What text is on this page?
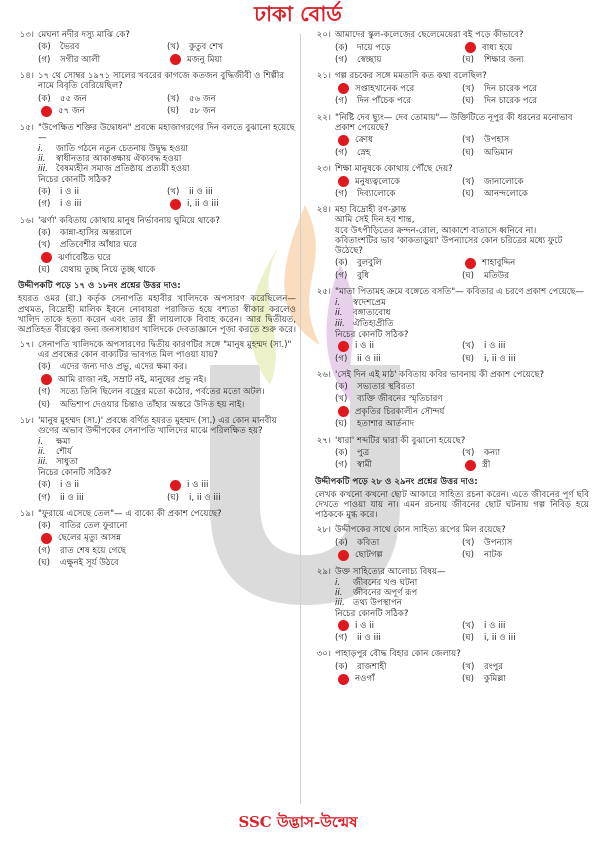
ঢাকা বোর্ড
১৩। মেঘনা নদীর দস্যু মাঝি কে?
(ক)	ভৈরব	(খ)	কুতুব শেখ
(গ)	সগীর আলী	মজনু মিয়া
১৪। ১৭ থে সোম্বর ১৯৭১ সালের খবরের কাগজে কতজন বুদ্ধিজীবী ও শিল্পীর নামে বিবৃতি বেরিয়েছিল?
(ক)	৫৫ জন	(খ)	৫৬ জন
৫৭ জন	(ঘ)	৫৮ জন
১৫। "উপেক্ষিত শক্তির উদ্বোধন" প্রবন্ধে মহাজাগরণের দিন বলতে বুঝানো হয়েছে—
i.	জাতি গঠনে নতুন চেতনায় উদ্বুদ্ধ হওয়া
ii.	স্বাধীনতার আকাঙ্ক্ষায় ঐক্যবদ্ধ হওয়া
iii. বৈষম্যহীন সমাজ প্রতিষ্ঠায় প্রত্যয়ী হওয়া
নিচের কোনটি সঠিক?
(ক)	i ও ii	(খ)	ii ও iii
(গ)	i ও iii	i, ii ও iii
১৬। 'ঝর্ণা' কবিতায় কোথায় মানুষ নির্ভাবনায় ঘুমিয়ে থাকে?
(ক)	কান্না-হাসির অন্তরালে
(খ)	প্রতিবেশীর আঁধার ঘরে
ঝর্ণাবেষ্টিত ঘরে
(ঘ)	যেথায় তুচ্ছ নিয়ে তুচ্ছ থাকে
উদ্দীপকটি পড়ে ১৭ ও ১৮নং প্রশ্নের উত্তর দাও:
হযরত ওমর (রা.) কর্তৃক সেনাপতি মহাবীর খালিদকে অপসারণ করেছিলেন— প্রথমত, বিদ্রোহী মালিক ইবনে নোবায়রা পরাজিত হয়ে বশ্যতা স্বীকার করলেও খালিদ তাকে হত্যা করেন এবং তার স্ত্রী লায়লাকে বিবাহ করেন। আর দ্বিতীয়ত, অপ্রতিহত বীরত্বের জন্য জনসাধারণ খালিদকে দেবতাজ্ঞানে পূজা করতে শুরু করে।
১৭। সেনাপতি খালিদকে অপসারণের দ্বিতীয় কারণটির সঙ্গে "মানুষ মুহম্মদ (সা.)" এর প্রবন্ধের কোন বাক্যটির ভাবগত মিল পাওয়া যায়?
(ক)	এদের জন্য দাও প্রভু, এদের ক্ষমা কর।
আমি রাজা নই, সম্রাট নই, মানুষের প্রভু নই।
(গ)	সত্যে তিনি ছিলেন বজ্রের মতো কঠোর, পর্বতের মতো অটল।
(ঘ)	অভিশাপ দেওয়ার চিন্তাও তাঁহার অন্তরে উদিত হয় নাই।
১৮। 'মানুষ মুহম্মদ (সা.)' প্রবন্ধে বর্ণিত হযরত মুহম্মদ (সা.) এর কোন মানবীয় গুণের অভাব উদ্দীপকের সেনাপতি খালিদের মাঝে পরিলক্ষিত হয়?
i.	ক্ষমা
ii.	শৌর্য
iii. সাধুতা
নিচের কোনটি সঠিক?
(ক)	i ও ii	i ও iii
(গ)	ii ও iii	(ঘ)	i, ii ও iii
১৯। "ফুরায়ে এসেছে তেল"— এ বাক্যে কী প্রকাশ পেয়েছে?
(ক)	বাতির তেল ফুরানো
ছেলের মৃত্যু আসন্ন
(গ)	রাত শেষ হয়ে গেছে
(ঘ)	এক্ষুনই সূর্য উঠবে
২০। আমাদের স্কুল-কলেজের ছেলেমেয়েরা বই পড়ে কীভাবে?
(ক)	দায়ে পড়ে	বাধ্য হয়ে
(গ)	স্বেচ্ছায়	(ঘ)	শিক্ষার জন্য
২১। গল্প রচকের সঙ্গে মমতাদি কত কথা বলেছিল?
সপ্তাহখানেক পরে	(খ)	দিন চারেক পরে
(গ)	দিন পাঁচেক পরে	(ঘ)	দিন চারেক পরে
২২। "নিষ্টি দেব ছ্যুং— দেব তোমায়"— উক্তিটিতে নূপুর কী ধরনের মনোভাব প্রকাশ পেয়েছে?
ক্রোধ	(খ)	উপহাস
(গ)	স্নেহ	(ঘ)	অভিমান
২৩। শিক্ষা মানুষকে কোথায় পৌঁছে দেয়?
মনুষ্যত্বলোকে	(খ)	জানালোকে
(গ)	দিব্যালোকে	(ঘ)	আনন্দলোকে
২৪। মহা বিদ্রোহী রণ-ক্লান্ত
আমি সেই দিন হব শান্ত,
যবে উৎপীড়িতের ক্রন্দন-রোল, আকাশে বাতাসে ধ্বনিবে না।
কবিতাংশটির ভাব 'কাকতাড়ুয়া' উপন্যাসের কোন চরিত্রের মধ্যে ফুটে উঠেছে?
(ক)	বুলবুলি	শাহাবুদ্দিন
(গ)	বুধি	(ঘ)	মতিউর
২৫। "মাতা পিতামহ ক্রমে বঙ্গেতে বসতি"— কবিতার এ চরণে প্রকাশ পেয়েছে—
i.	স্বদেশপ্রেম
ii.	বঙ্গাত্যবোধ
iii. ঐতিহ্যপ্রীতি
নিচের কোনটি সঠিক?
i ও ii	(খ)	i ও iii
(গ)	ii ও iii	(ঘ)	i, ii ও iii
২৬। 'সেই দিন এই মাঠ' কবিতায় কবির ভাবনায় কী প্রকাশ পেয়েছে?
(ক)	সভ্যতার স্থবিরতা
(খ)	ব্যক্তি জীবনের স্মৃতিচারণ
প্রকৃতির চিরকালীন সৌন্দর্য
(ঘ)	হতাশার আর্তনাদ
২৭। 'ধারা' শব্দটির দ্বারা কী বুঝানো হয়েছে?
(ক)	পুত্র	(খ)	কন্যা
(গ)	স্বামী	স্ত্রী
উদ্দীপকটি পড়ে ২৮ ও ২৯নং প্রশ্নের উত্তর দাও:
লেখক কখনো কখনো ছোট আকারে সাহিত্য রচনা করেন। এতে জীবনের পূর্ণ ছবি দেখতে পাওয়া যায় না। এমন রচনায় জীবনের ছোট ঘটনায় গল্প নিবিড় হয়ে পাঠককে মুগ্ধ করে।
২৮। উদ্দীপকের সাথে কোন সাহিত্য রূপের মিল রয়েছে?
(ক)	কবিতা	(খ)	উপন্যাস
ছোটগল্প	(ঘ)	নাটক
২৯। উক্ত সাহিত্যের আলোচ্য বিষয়—
i.	জীবনের খণ্ড ঘটনা
ii.	জীবনের অপূর্ণ রূপ
iii. তথ্য উপস্থাপন
নিচের কোনটি সঠিক?
i ও ii	(খ)	i ও iii
(গ)	ii ও iii	(ঘ)	i, ii ও iii
৩০। পাহাড়পুর বৌদ্ধ বিহার কোন জেলায়?
(ক)	রাজশাহী	(খ)	রংপুর
নওগাঁ	(ঘ)	কুমিল্লা
SSC উদ্ভাস-উন্মেষ
